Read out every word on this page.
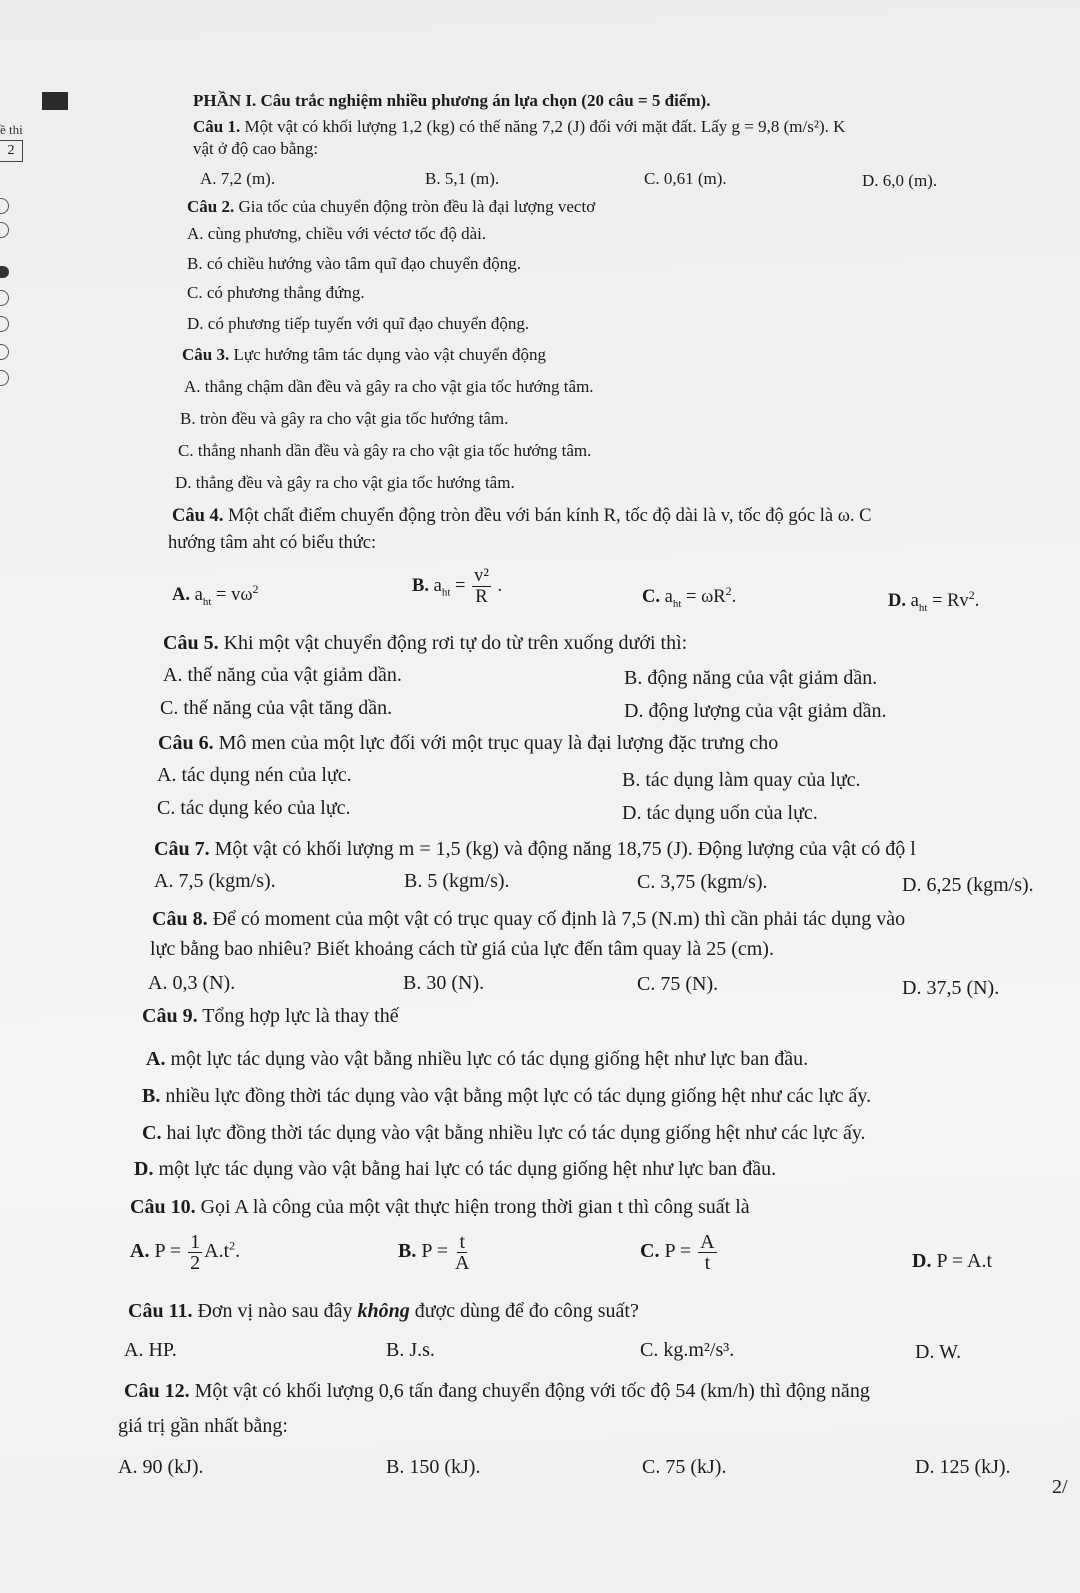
ề thi
2
PHẦN I. Câu trắc nghiệm nhiều phương án lựa chọn (20 câu = 5 điểm).
Câu 1. Một vật có khối lượng 1,2 (kg) có thế năng 7,2 (J) đối với mặt đất. Lấy g = 9,8 (m/s²). K
vật ở độ cao bằng:
A. 7,2 (m).	B. 5,1 (m).	C. 0,61 (m).	D. 6,0 (m).
Câu 2. Gia tốc của chuyển động tròn đều là đại lượng vectơ
A. cùng phương, chiều với véctơ tốc độ dài.
B. có chiều hướng vào tâm quĩ đạo chuyển động.
C. có phương thẳng đứng.
D. có phương tiếp tuyến với quĩ đạo chuyển động.
Câu 3. Lực hướng tâm tác dụng vào vật chuyển động
A. thẳng chậm dần đều và gây ra cho vật gia tốc hướng tâm.
B. tròn đều và gây ra cho vật gia tốc hướng tâm.
C. thẳng nhanh dần đều và gây ra cho vật gia tốc hướng tâm.
D. thẳng đều và gây ra cho vật gia tốc hướng tâm.
Câu 4. Một chất điểm chuyển động tròn đều với bán kính R, tốc độ dài là v, tốc độ góc là ω. C
hướng tâm aht có biểu thức:
A. $a_{ht} = v\omega^2$	B. $a_{ht} = \frac{\text{v²}}{R}$ .
C. $a_{ht} = \omega R^2$.	D. $a_{ht} = Rv^2$.
Câu 5. Khi một vật chuyển động rơi tự do từ trên xuống dưới thì:
A. thế năng của vật giảm dần.	B. động năng của vật giảm dần.
C. thế năng của vật tăng dần.	D. động lượng của vật giảm dần.
Câu 6. Mô men của một lực đối với một trục quay là đại lượng đặc trưng cho
A. tác dụng nén của lực.	B. tác dụng làm quay của lực.
C. tác dụng kéo của lực.	D. tác dụng uốn của lực.
Câu 7. Một vật có khối lượng m = 1,5 (kg) và động năng 18,75 (J). Động lượng của vật có độ l
A. 7,5 (kgm/s).	B. 5 (kgm/s).	C. 3,75 (kgm/s).	D. 6,25 (kgm/s).
Câu 8. Để có moment của một vật có trục quay cố định là 7,5 (N.m) thì cần phải tác dụng vào
lực bằng bao nhiêu? Biết khoảng cách từ giá của lực đến tâm quay là 25 (cm).
A. 0,3 (N).	B. 30 (N).	C. 75 (N).	D. 37,5 (N).
Câu 9. Tổng hợp lực là thay thế
A. một lực tác dụng vào vật bằng nhiều lực có tác dụng giống hệt như lực ban đầu.
B. nhiều lực đồng thời tác dụng vào vật bằng một lực có tác dụng giống hệt như các lực ấy.
C. hai lực đồng thời tác dụng vào vật bằng nhiều lực có tác dụng giống hệt như các lực ấy.
D. một lực tác dụng vào vật bằng hai lực có tác dụng giống hệt như lực ban đầu.
Câu 10. Gọi A là công của một vật thực hiện trong thời gian t thì công suất là
A. $P = \frac{1}{2} A.t^2$.	B. $P = \frac{t}{A}$	C. $P = \frac{A}{t}$	D. P = A.t
Câu 11. Đơn vị nào sau đây không được dùng để đo công suất?
A. HP.	B. J.s.	C. kg.m²/s³.	D. W.
Câu 12. Một vật có khối lượng 0,6 tấn đang chuyển động với tốc độ 54 (km/h) thì động năng
giá trị gần nhất bằng:
A. 90 (kJ).	B. 150 (kJ).	C. 75 (kJ).	D. 125 (kJ).
2/
